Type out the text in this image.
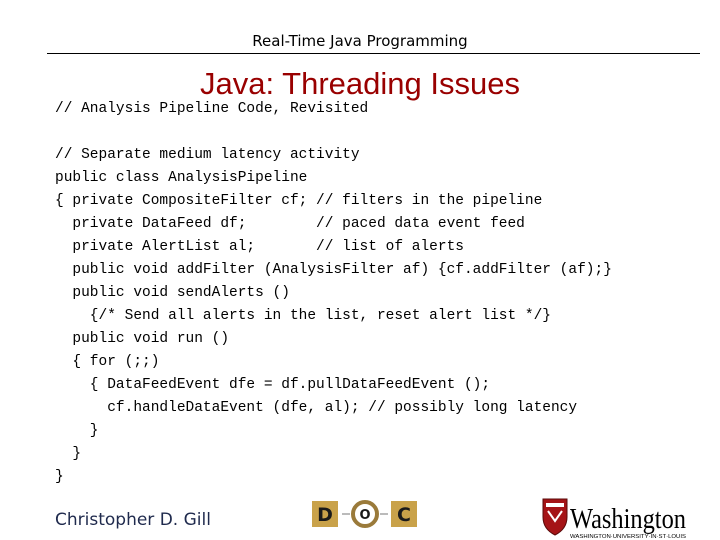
Real-Time Java Programming
Java: Threading Issues
// Analysis Pipeline Code, Revisited
// Separate medium latency activity
public class AnalysisPipeline
{ private CompositeFilter cf; // filters in the pipeline
private DataFeed df;        // paced data event feed
private AlertList al;       // list of alerts
public void addFilter (AnalysisFilter af) {cf.addFilter (af);}
public void sendAlerts ()
{/* Send all alerts in the list, reset alert list */}
public void run ()
{ for (;;)
{ DataFeedEvent dfe = df.pullDataFeedEvent ();
cf.handleDataEvent (dfe, al); // possibly long latency
}
}
}
Christopher D. Gill	D O C	Washington
WASHINGTON·UNIVERSITY·IN·ST·LOUIS
